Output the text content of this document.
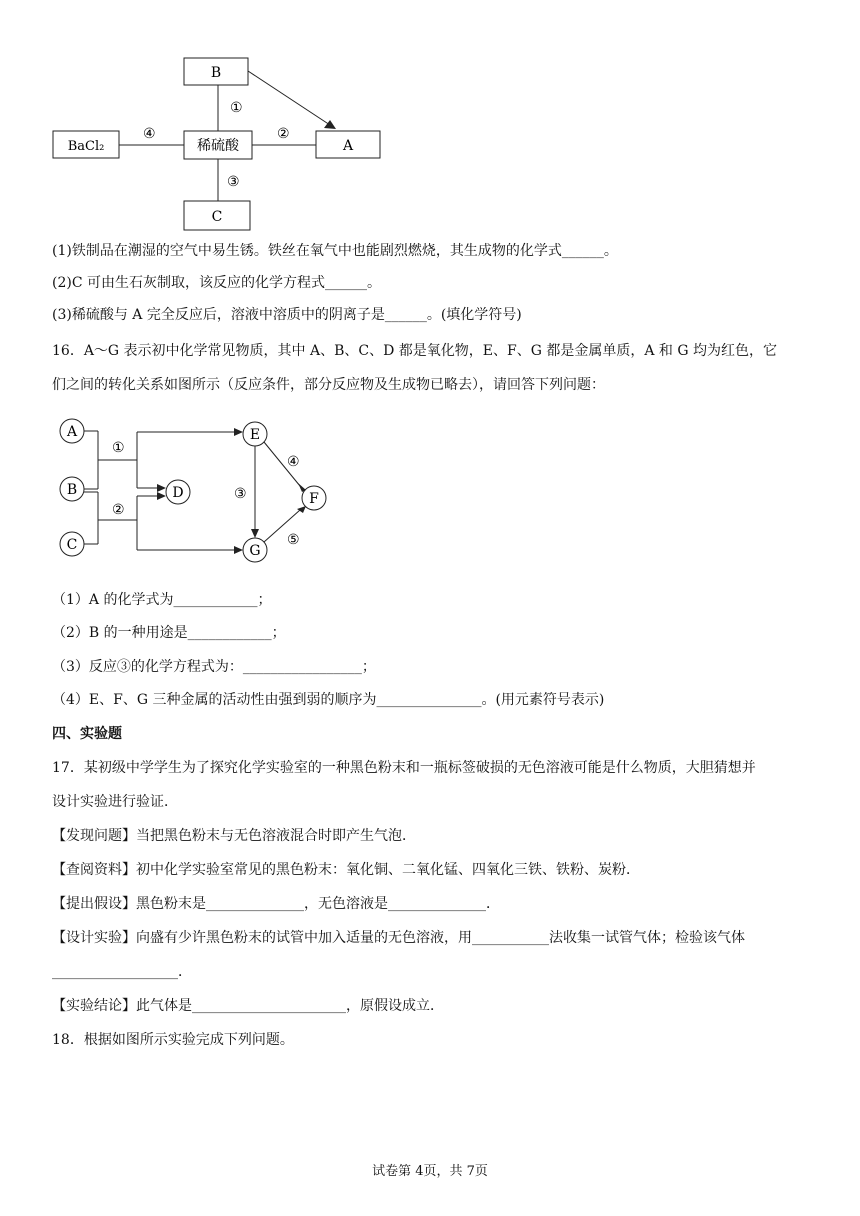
B
稀硫酸	A
C
BaCl₂
①
②
③
④
(1)铁制品在潮湿的空气中易生锈。铁丝在氧气中也能剧烈燃烧，其生成物的化学式______。
(2)C 可由生石灰制取，该反应的化学方程式______。
(3)稀硫酸与 A 完全反应后，溶液中溶质中的阴离子是______。(填化学符号)
16．A～G 表示初中化学常见物质，其中 A、B、C、D 都是氧化物，E、F、G 都是金属单质，A 和 G 均为红色，它
们之间的转化关系如图所示（反应条件，部分反应物及生成物已略去），请回答下列问题：
A
B
C
D
E
F
G
①
②
③
④
⑤
（1）A 的化学式为____________；
（2）B 的一种用途是____________；
（3）反应③的化学方程式为：_________________；
（4）E、F、G 三种金属的活动性由强到弱的顺序为_______________。(用元素符号表示)
四、实验题
17．某初级中学学生为了探究化学实验室的一种黑色粉末和一瓶标签破损的无色溶液可能是什么物质，大胆猜想并
设计实验进行验证．
【发现问题】当把黑色粉末与无色溶液混合时即产生气泡．
【查阅资料】初中化学实验室常见的黑色粉末：氧化铜、二氧化锰、四氧化三铁、铁粉、炭粉．
【提出假设】黑色粉末是______________，无色溶液是______________．
【设计实验】向盛有少许黑色粉末的试管中加入适量的无色溶液，用___________法收集一试管气体；检验该气体
__________________．
【实验结论】此气体是______________________，原假设成立．
18．根据如图所示实验完成下列问题。
试卷第 4页，共 7页
